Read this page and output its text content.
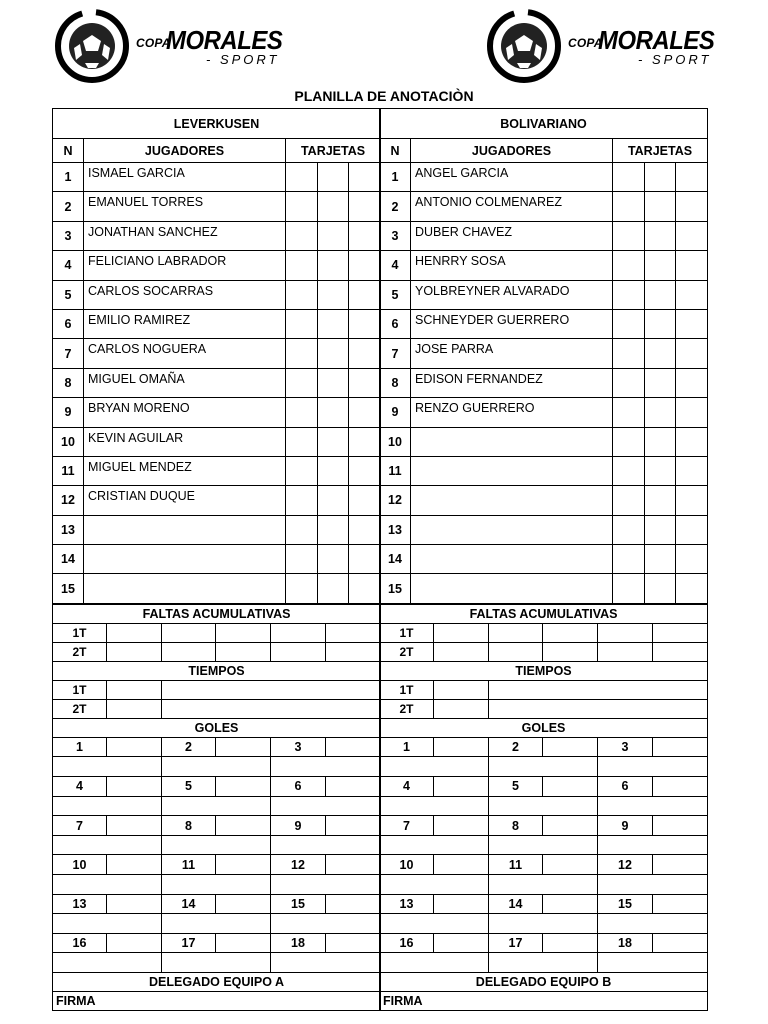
COPA
MORALES
- SPORT
COPA
MORALES
- SPORT
PLANILLA DE ANOTACIÒN
LEVERKUSEN				
N	JUGADORES	TARJETAS		
1	ISMAEL GARCIA			
2	EMANUEL TORRES			
3	JONATHAN SANCHEZ			
4	FELICIANO LABRADOR			
5	CARLOS SOCARRAS			
6	EMILIO RAMIREZ			
7	CARLOS NOGUERA			
8	MIGUEL OMAÑA			
9	BRYAN MORENO			
10	KEVIN AGUILAR			
11	MIGUEL MENDEZ			
12	CRISTIAN DUQUE			
13				
14				
15				
FALTAS ACUMULATIVAS					
1T					
2T					
TIEMPOS					
1T					
2T					
GOLES					
1		2		3	

4		5		6	

7		8		9	

10		11		12	

13		14		15	

16		17		18	

DELEGADO EQUIPO A					
FIRMA					
BOLIVARIANO				
N	JUGADORES	TARJETAS		
1	ANGEL GARCIA			
2	ANTONIO COLMENAREZ			
3	DUBER CHAVEZ			
4	HENRRY SOSA			
5	YOLBREYNER ALVARADO			
6	SCHNEYDER GUERRERO			
7	JOSE PARRA			
8	EDISON FERNANDEZ			
9	RENZO GUERRERO			
10				
11				
12				
13				
14				
15				
FALTAS ACUMULATIVAS					
1T					
2T					
TIEMPOS					
1T					
2T					
GOLES					
1		2		3	

4		5		6	

7		8		9	

10		11		12	

13		14		15	

16		17		18	

DELEGADO EQUIPO B					
FIRMA					
